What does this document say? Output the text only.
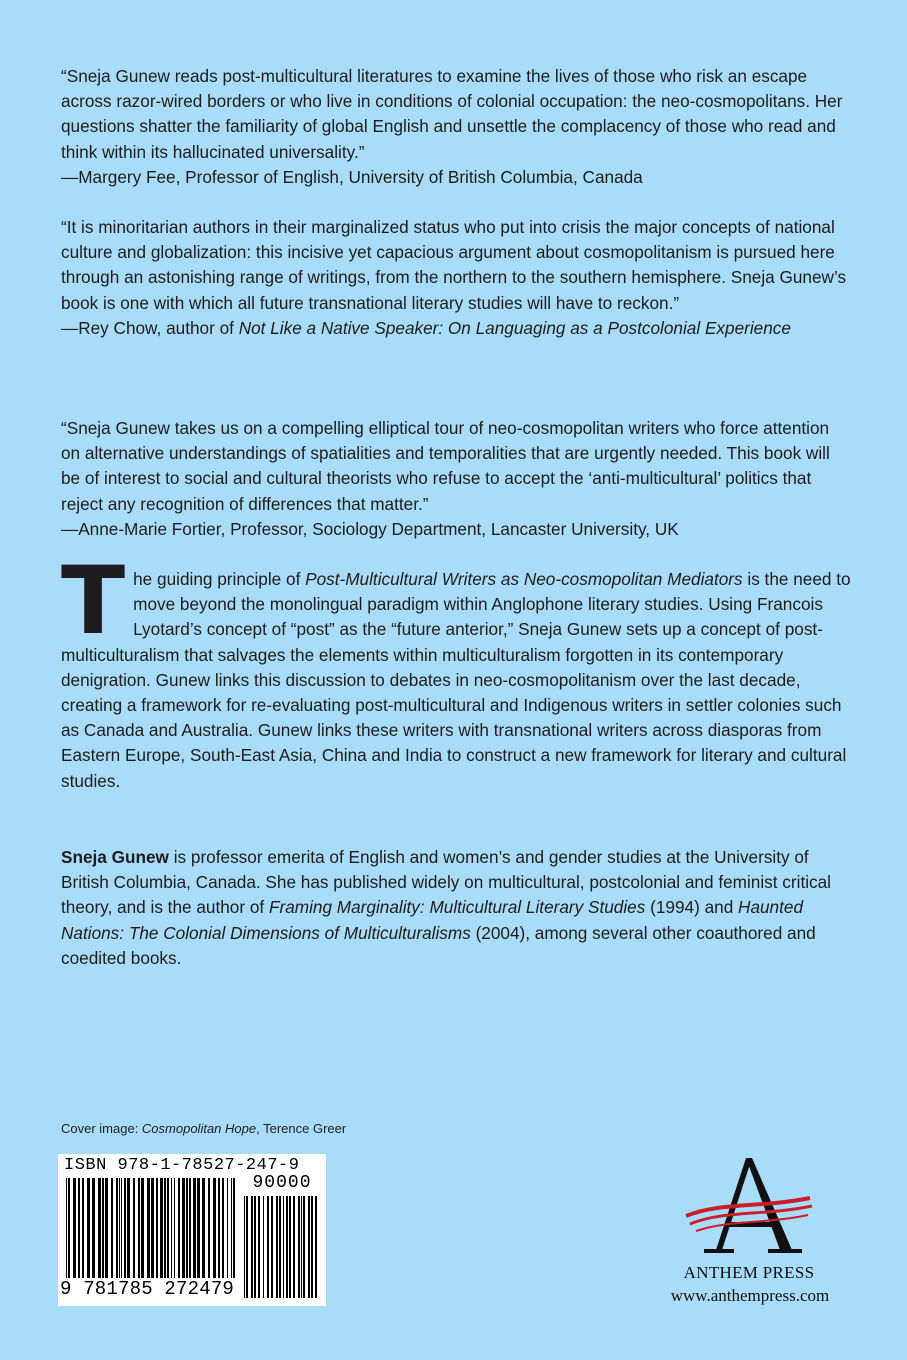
“Sneja Gunew reads post-multicultural literatures to examine the lives of those who risk an escape across razor-wired borders or who live in conditions of colonial occupation: the neo-cosmopolitans. Her questions shatter the familiarity of global English and unsettle the complacency of those who read and think within its hallucinated universality.”

—Margery Fee, Professor of English, University of British Columbia, Canada

“It is minoritarian authors in their marginalized status who put into crisis the major concepts of national culture and globalization: this incisive yet capacious argument about cosmopolitanism is pursued here through an astonishing range of writings, from the northern to the southern hemisphere. Sneja Gunew’s book is one with which all future transnational literary studies will have to reckon.”

—Rey Chow, author of Not Like a Native Speaker: On Languaging as a Postcolonial Experience

“Sneja Gunew takes us on a compelling elliptical tour of neo-cosmopolitan writers who force attention on alternative understandings of spatialities and temporalities that are urgently needed. This book will be of interest to social and cultural theorists who refuse to accept the ‘anti-multicultural’ politics that reject any recognition of differences that matter.”

—Anne-Marie Fortier, Professor, Sociology Department, Lancaster University, UK

The guiding principle of Post-Multicultural Writers as Neo-cosmopolitan Mediators is the need to move beyond the monolingual paradigm within Anglophone literary studies. Using Francois Lyotard’s concept of “post” as the “future anterior,” Sneja Gunew sets up a concept of post-multiculturalism that salvages the elements within multiculturalism forgotten in its contemporary denigration. Gunew links this discussion to debates in neo-cosmopolitanism over the last decade, creating a framework for re-evaluating post-multicultural and Indigenous writers in settler colonies such as Canada and Australia. Gunew links these writers with transnational writers across diasporas from Eastern Europe, South-East Asia, China and India to construct a new framework for literary and cultural studies.
Sneja Gunew is professor emerita of English and women’s and gender studies at the University of British Columbia, Canada. She has published widely on multicultural, postcolonial and feminist critical theory, and is the author of Framing Marginality: Multicultural Literary Studies (1994) and Haunted Nations: The Colonial Dimensions of Multiculturalisms (2004), among several other coauthored and coedited books.
Cover image: Cosmopolitan Hope, Terence Greer
ISBN 978-1-78527-247-9
90000
9 781785 272479
ANTHEM PRESS
www.anthempress.com
